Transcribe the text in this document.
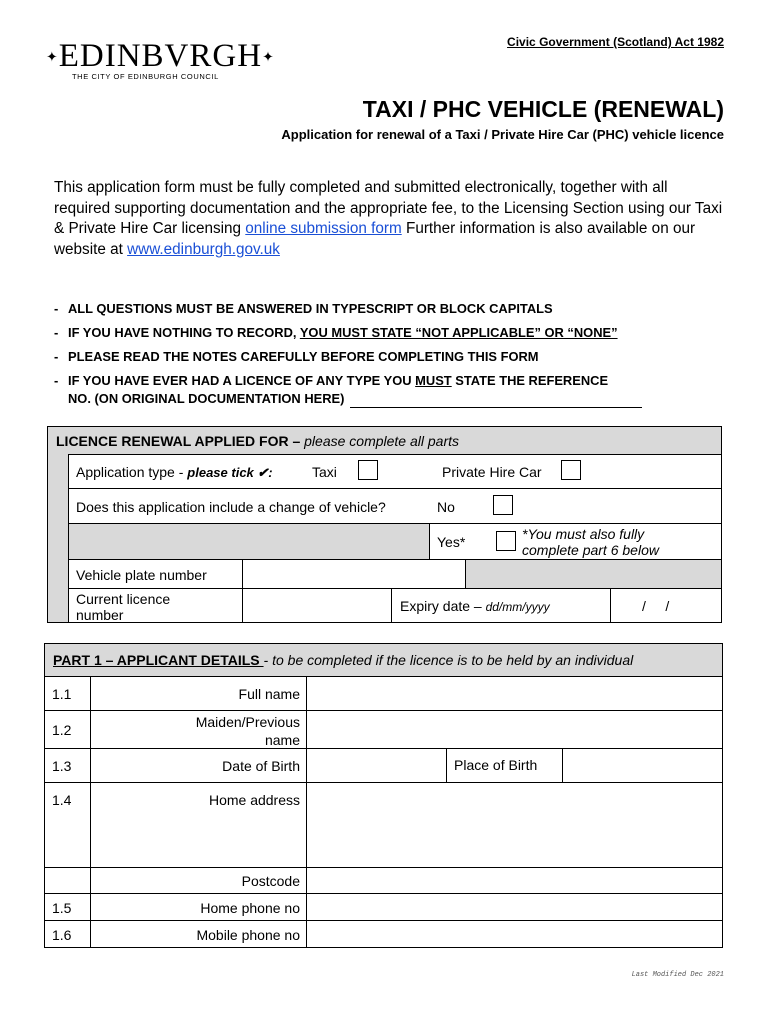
✦EDINBVRGH✦
THE CITY OF EDINBURGH COUNCIL
Civic Government (Scotland) Act 1982
TAXI / PHC VEHICLE (RENEWAL)
Application for renewal of a Taxi / Private Hire Car (PHC) vehicle licence
This application form must be fully completed and submitted electronically, together with all required supporting documentation and the appropriate fee, to the Licensing Section using our Taxi & Private Hire Car licensing online submission form Further information is also available on our website at www.edinburgh.gov.uk
- ALL QUESTIONS MUST BE ANSWERED IN TYPESCRIPT OR BLOCK CAPITALS
- IF YOU HAVE NOTHING TO RECORD, YOU MUST STATE “NOT APPLICABLE” OR “NONE”
- PLEASE READ THE NOTES CAREFULLY BEFORE COMPLETING THIS FORM
- IF YOU HAVE EVER HAD A LICENCE OF ANY TYPE YOU MUST STATE THE REFERENCE
NO. (ON ORIGINAL DOCUMENTATION HERE)
LICENCE RENEWAL APPLIED FOR – please complete all parts
Application type - please tick ✔:	Taxi	Private Hire Car
Does this application include a change of vehicle?	No
Yes*	*You must also fully complete part 6 below
Vehicle plate number
Current licence number
Expiry date – dd/mm/yyyy	/     /
PART 1 – APPLICANT DETAILS - to be completed if the licence is to be held by an individual
1.1	Full name
1.2	Maiden/Previous name
1.3	Date of Birth	Place of Birth
1.4	Home address
Postcode
1.5	Home phone no
1.6	Mobile phone no
Last Modified Dec 2021
